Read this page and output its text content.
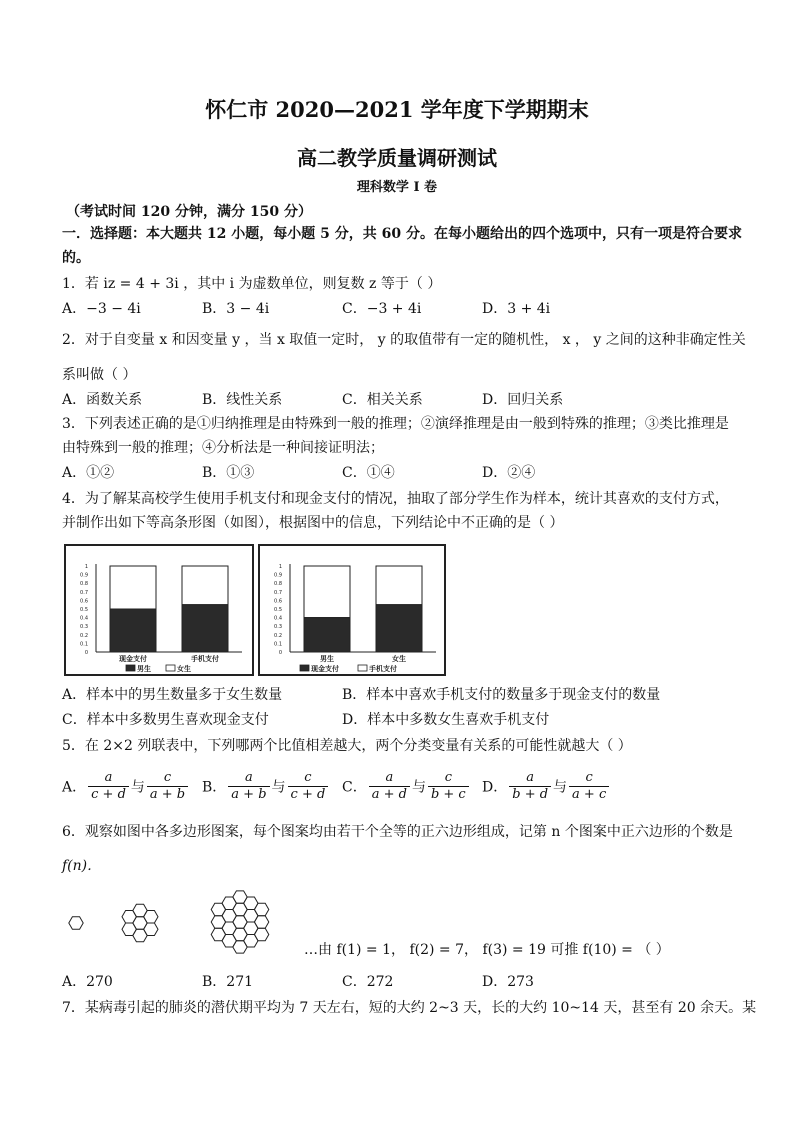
怀仁市 2020—2021 学年度下学期期末
高二教学质量调研测试
理科数学 I 卷
（考试时间 120 分钟，满分 150 分）
一．选择题：本大题共 12 小题，每小题 5 分，共 60 分。在每小题给出的四个选项中，只有一项是符合要求
的。
1．若 iz = 4 + 3i ，其中 i 为虚数单位，则复数 z 等于（ ）
A．−3 − 4i	B．3 − 4i	C．−3 + 4i	D．3 + 4i
2．对于自变量 x 和因变量 y ，当 x 取值一定时， y 的取值带有一定的随机性， x ， y 之间的这种非确定性关
系叫做（ ）
A．函数关系	B．线性关系	C．相关关系	D．回归关系
3．下列表述正确的是①归纳推理是由特殊到一般的推理；②演绎推理是由一般到特殊的推理；③类比推理是
由特殊到一般的推理；④分析法是一种间接证明法；
A．①②	B．①③	C．①④	D．②④
4．为了解某高校学生使用手机支付和现金支付的情况，抽取了部分学生作为样本，统计其喜欢的支付方式，
并制作出如下等高条形图（如图），根据图中的信息，下列结论中不正确的是（ ）
0
0.1
0.2
0.3
0.4
0.5
0.6
0.7
0.8
0.9
1
现金支付	手机支付
男生	女生
0
0.1
0.2
0.3
0.4
0.5
0.6
0.7
0.8
0.9
1
男生	女生
现金支付	手机支付
A．样本中的男生数量多于女生数量	B．样本中喜欢手机支付的数量多于现金支付的数量
C．样本中多数男生喜欢现金支付	D．样本中多数女生喜欢手机支付
5．在 2×2 列联表中，下列哪两个比值相差越大，两个分类变量有关系的可能性就越大（ ）
A． $\frac{a}{c + d}$ 与 $\frac{c}{a + b}$ B． $\frac{a}{a + b}$ 与 $\frac{c}{c + d}$ C． $\frac{a}{a + d}$ 与 $\frac{c}{b + c}$ D． $\frac{a}{b + d}$ 与 $\frac{c}{a + c}$
6．观察如图中各多边形图案，每个图案均由若干个全等的正六边形组成，记第 n 个图案中正六边形的个数是
f(n)．
…由 f(1) = 1， f(2) = 7， f(3) = 19 可推 f(10) = （ ）
A．270	B．271	C．272	D．273
7．某病毒引起的肺炎的潜伏期平均为 7 天左右，短的大约 2~3 天，长的大约 10~14 天，甚至有 20 余天。某
